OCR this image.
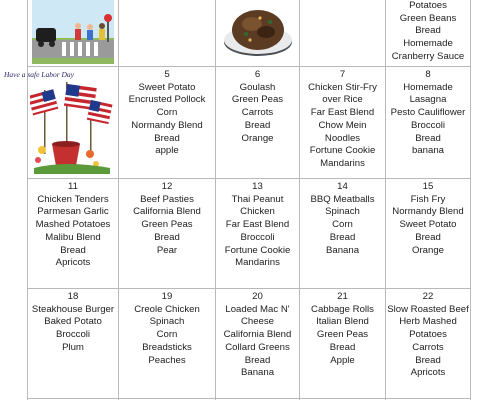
Potatoes
Green Beans
Bread
Homemade
Cranberry Sauce
Have a safe Labor Day	5
Sweet Potato
Encrusted Pollock
Corn
Normandy Blend
Bread
apple
6
Goulash
Green Peas
Carrots
Bread
Orange
7
Chicken Stir-Fry
over Rice
Far East Blend
Chow Mein
Noodles
Fortune Cookie
Mandarins
8
Homemade
Lasagna
Pesto Cauliflower
Broccoli
Bread
banana
11
Chicken Tenders
Parmesan Garlic
Mashed Potatoes
Malibu Blend
Bread
Apricots
12
Beef Pasties
California Blend
Green Peas
Bread
Pear
13
Thai Peanut
Chicken
Far East Blend
Broccoli
Fortune Cookie
Mandarins
14
BBQ Meatballs
Spinach
Corn
Bread
Banana
15
Fish Fry
Normandy Blend
Sweet Potato
Bread
Orange
18
Steakhouse Burger
Baked Potato
Broccoli
Plum
19
Creole Chicken
Spinach
Corn
Breadsticks
Peaches
20
Loaded Mac N'
Cheese
California Blend
Collard Greens
Bread
Banana
21
Cabbage Rolls
Italian Blend
Green Peas
Bread
Apple
22
Slow Roasted Beef
Herb Mashed
Potatoes
Carrots
Bread
Apricots
